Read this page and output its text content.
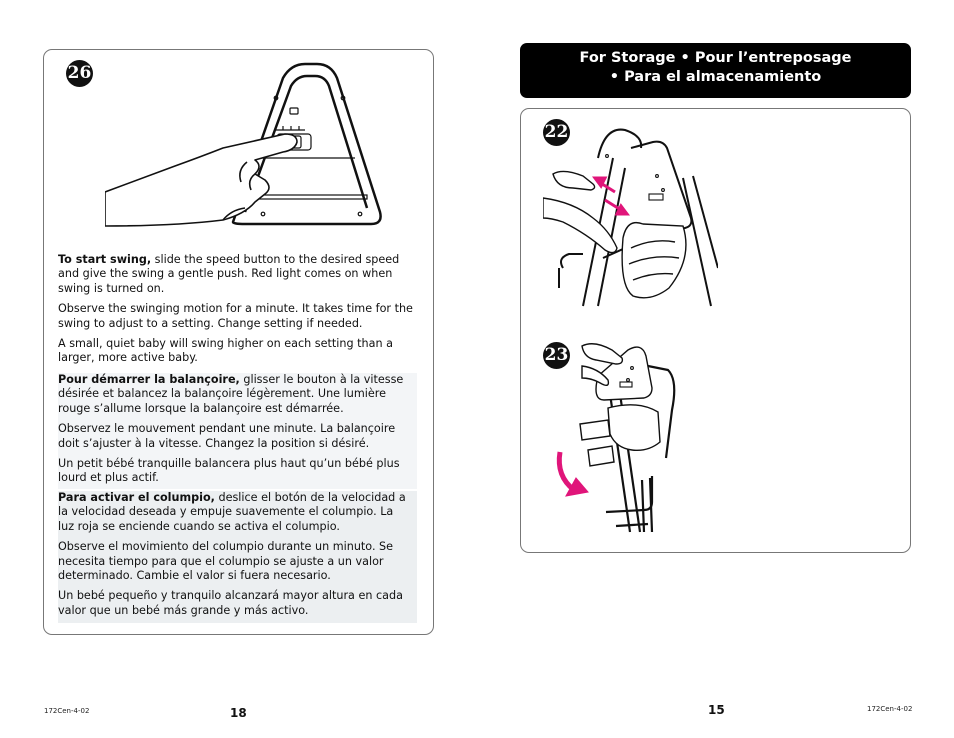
26

To start swing, slide the speed button to the desired speed and give the swing a gentle push. Red light comes on when swing is turned on.

Observe the swinging motion for a minute. It takes time for the swing to adjust to a setting. Change setting if needed.

A small, quiet baby will swing higher on each setting than a larger, more active baby.

Pour démarrer la balançoire, glisser le bouton à la vitesse désirée et balancez la balançoire légèrement. Une lumière rouge s’allume lorsque la balançoire est démarrée.

Observez le mouvement pendant une minute. La balançoire doit s’ajuster à la vitesse. Changez la position si désiré.

Un petit bébé tranquille balancera plus haut qu’un bébé plus lourd et plus actif.

Para activar el columpio, deslice el botón de la velocidad a la velocidad deseada y empuje suavemente el columpio. La luz roja se enciende cuando se activa el columpio.

Observe el movimiento del columpio durante un minuto. Se necesita tiempo para que el columpio se ajuste a un valor determinado. Cambie el valor si fuera necesario.

Un bebé pequeño y tranquilo alcanzará mayor altura en cada valor que un bebé más grande y más activo.

172Cen-4-02	18
For Storage • Pour l’entreposage
• Para el almacenamiento
22
23
172Cen-4-02
15
